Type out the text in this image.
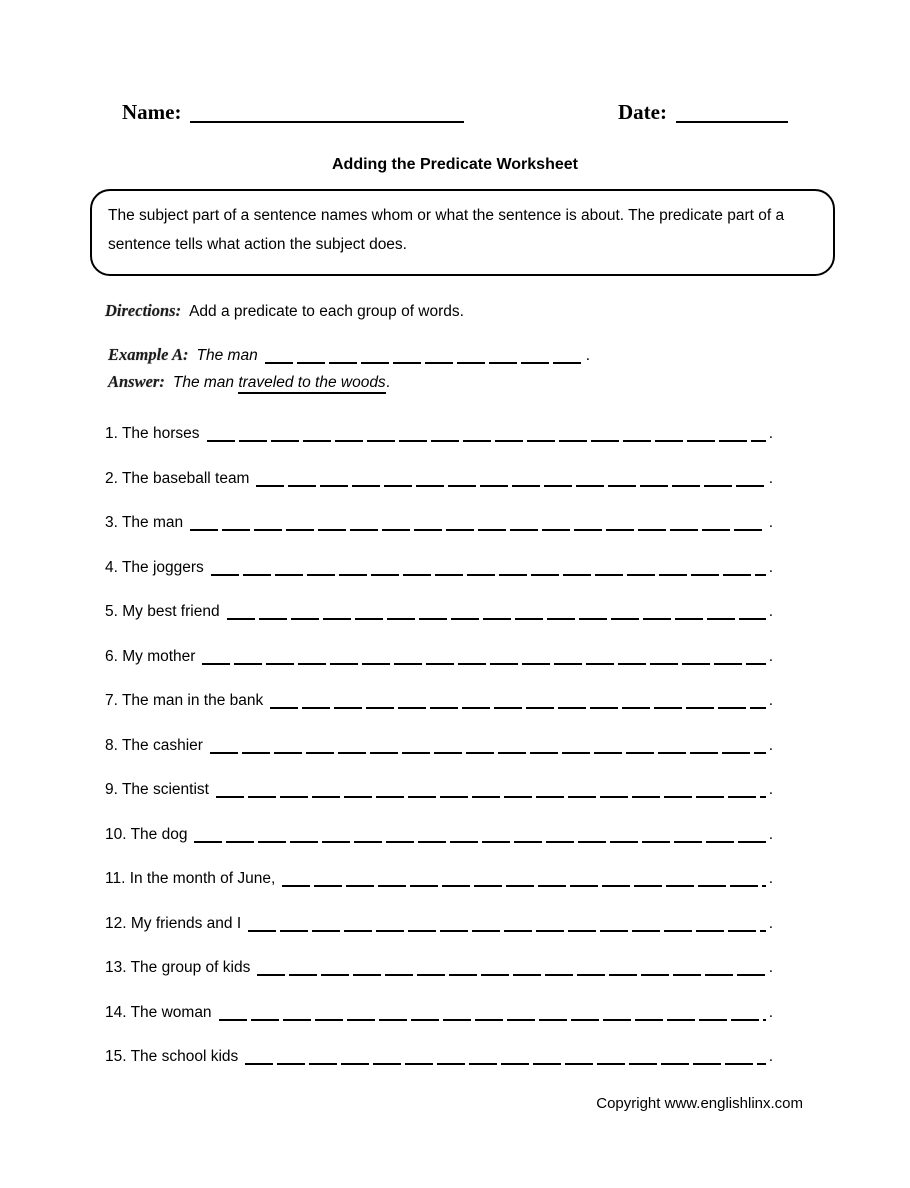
Name:	Date:
Adding the Predicate Worksheet
The subject part of a sentence names whom or what the sentence is about. The predicate part of a sentence tells what action the subject does.
Directions: Add a predicate to each group of words.
Example A: The man	.
Answer: The man
traveled to the woods .
1. The horses	.
2. The baseball team	.
3. The man	.
4. The joggers	.
5. My best friend	.
6. My mother	.
7. The man in the bank	.
8. The cashier	.
9. The scientist	.
10. The dog	.
11. In the month of June,	.
12. My friends and I	.
13. The group of kids	.
14. The woman	.
15. The school kids	.
Copyright www.englishlinx.com
